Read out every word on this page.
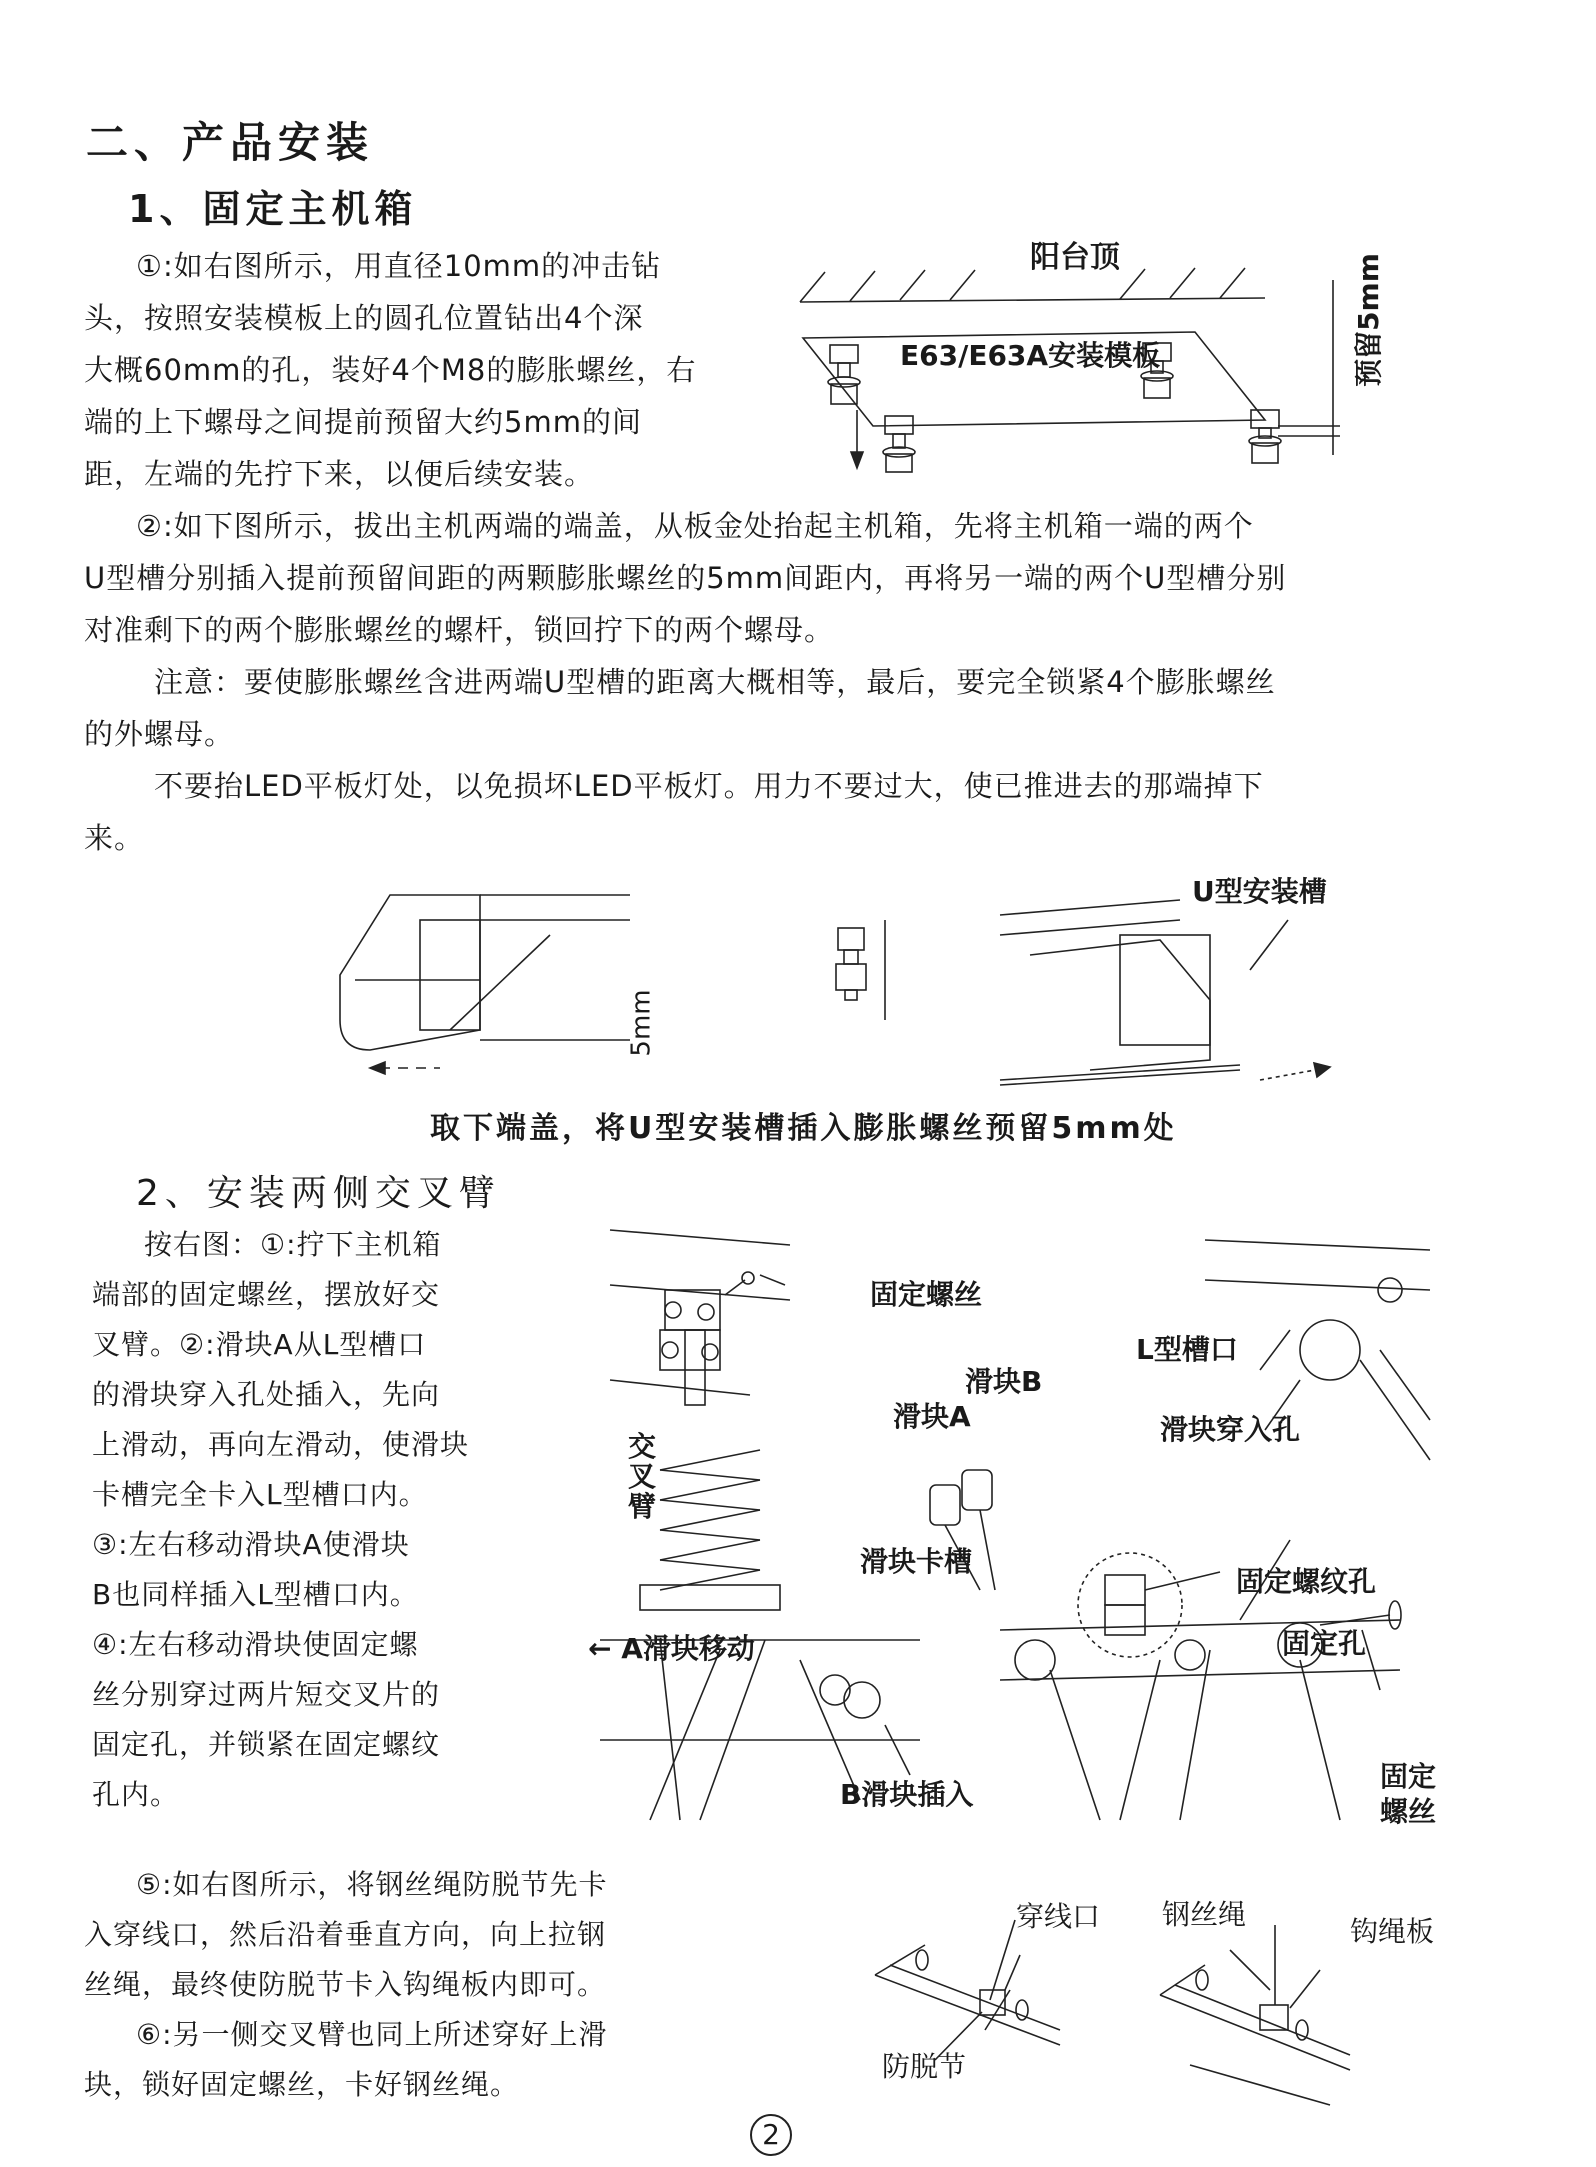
二、产品安装
1、固定主机箱
①:如右图所示，用直径10mm的冲击钻
头，按照安装模板上的圆孔位置钻出4个深
大概60mm的孔，装好4个M8的膨胀螺丝，右
端的上下螺母之间提前预留大约5mm的间
距，左端的先拧下来，以便后续安装。
阳台顶
E63/E63A安装模板	预留5mm
②:如下图所示，拔出主机两端的端盖，从板金处抬起主机箱，先将主机箱一端的两个
U型槽分别插入提前预留间距的两颗膨胀螺丝的5mm间距内，再将另一端的两个U型槽分别
对准剩下的两个膨胀螺丝的螺杆，锁回拧下的两个螺母。
注意：要使膨胀螺丝含进两端U型槽的距离大概相等，最后，要完全锁紧4个膨胀螺丝
的外螺母。
不要抬LED平板灯处，以免损坏LED平板灯。用力不要过大，使已推进去的那端掉下
来。
5mm
U型安装槽
取下端盖，将U型安装槽插入膨胀螺丝预留5mm处
2、安装两侧交叉臂
按右图：①:拧下主机箱
端部的固定螺丝，摆放好交
叉臂。②:滑块A从L型槽口
的滑块穿入孔处插入，先向
上滑动，再向左滑动，使滑块
卡槽完全卡入L型槽口内。
③:左右移动滑块A使滑块
B也同样插入L型槽口内。
④:左右移动滑块使固定螺
丝分别穿过两片短交叉片的
固定孔，并锁紧在固定螺纹
孔内。
固定螺丝
交叉臂
滑块A
滑块B
滑块卡槽
L型槽口
滑块穿入孔
固定螺纹孔
← A滑块移动
B滑块插入
固定孔
固定
螺丝
⑤:如右图所示，将钢丝绳防脱节先卡
入穿线口，然后沿着垂直方向，向上拉钢
丝绳，最终使防脱节卡入钩绳板内即可。
⑥:另一侧交叉臂也同上所述穿好上滑
块，锁好固定螺丝，卡好钢丝绳。
穿线口
防脱节
钢丝绳
钩绳板
2
